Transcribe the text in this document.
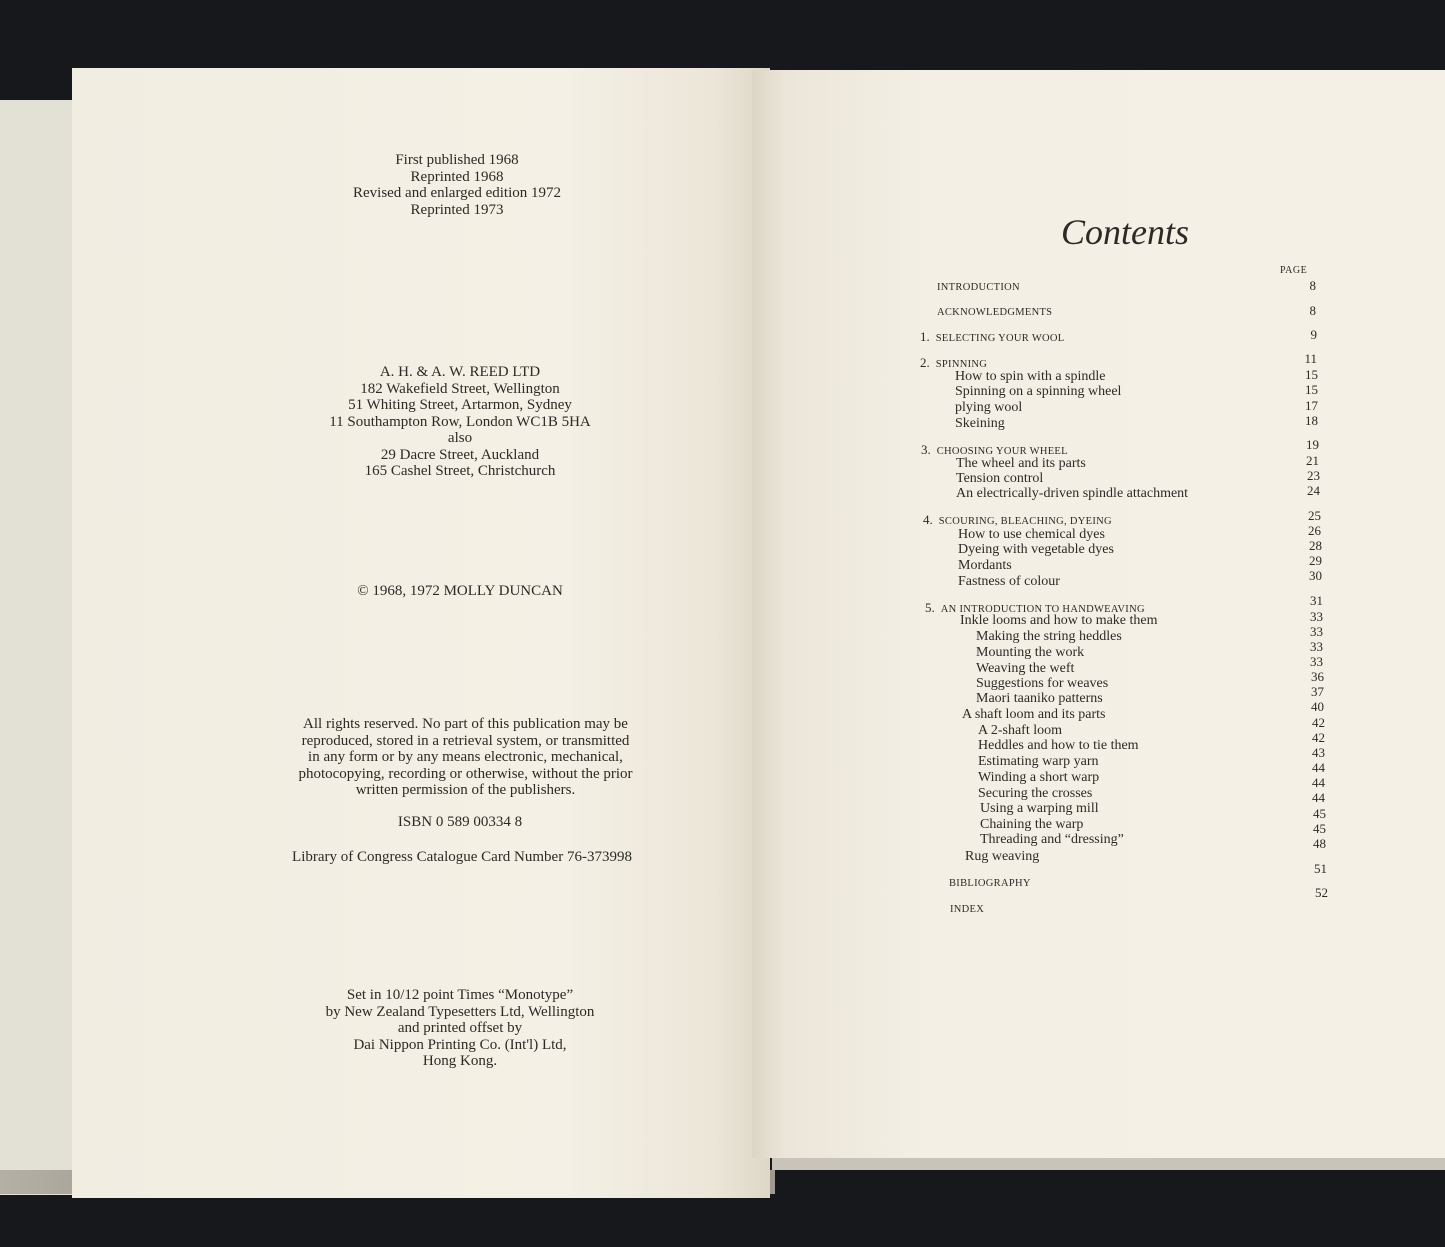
First published 1968
Reprinted 1968
Revised and enlarged edition 1972
Reprinted 1973
A. H. & A. W. REED LTD
182 Wakefield Street, Wellington
51 Whiting Street, Artarmon, Sydney
11 Southampton Row, London WC1B 5HA
also
29 Dacre Street, Auckland
165 Cashel Street, Christchurch
© 1968, 1972 MOLLY DUNCAN
All rights reserved. No part of this publication may be
reproduced, stored in a retrieval system, or transmitted
in any form or by any means electronic, mechanical,
photocopying, recording or otherwise, without the prior
written permission of the publishers.
ISBN 0 589 00334 8
Library of Congress Catalogue Card Number 76-373998
Set in 10/12 point Times “Monotype”
by New Zealand Typesetters Ltd, Wellington
and printed offset by
Dai Nippon Printing Co. (Int'l) Ltd,
Hong Kong.
Contents
PAGE
INTRODUCTION
ACKNOWLEDGMENTS
1. SELECTING YOUR WOOL
2. SPINNING
How to spin with a spindle
Spinning on a spinning wheel
plying wool
Skeining
3. CHOOSING YOUR WHEEL
The wheel and its parts
Tension control
An electrically-driven spindle attachment
4. SCOURING, BLEACHING, DYEING
How to use chemical dyes
Dyeing with vegetable dyes
Mordants
Fastness of colour
5. AN INTRODUCTION TO HANDWEAVING
Inkle looms and how to make them
Making the string heddles
Mounting the work
Weaving the weft
Suggestions for weaves
Maori taaniko patterns
A shaft loom and its parts
A 2-shaft loom
Heddles and how to tie them
Estimating warp yarn
Winding a short warp
Securing the crosses
Using a warping mill
Chaining the warp
Threading and “dressing”
Rug weaving
BIBLIOGRAPHY
INDEX
8
8
9
11
15
15
17
18
19
21
23
24
25
26
28
29
30
31
33
33
33
33
36
37
40
42
42
43
44
44
44
45
45
48
51
52
